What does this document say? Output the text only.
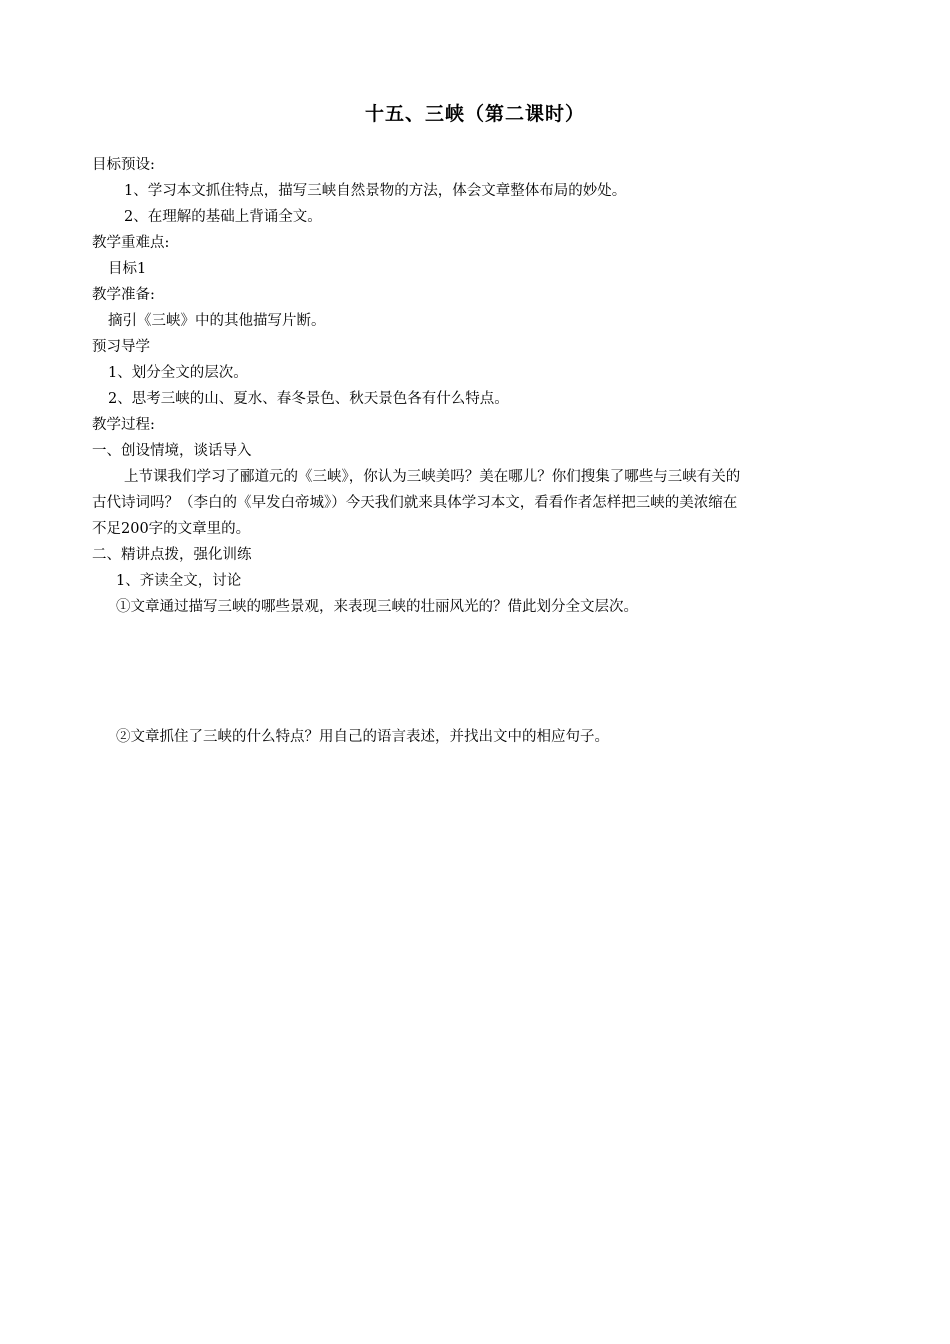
十五、三峡（第二课时）
目标预设:
1、学习本文抓住特点，描写三峡自然景物的方法，体会文章整体布局的妙处。
2、在理解的基础上背诵全文。
教学重难点:
目标1
教学准备:
摘引《三峡》中的其他描写片断。
预习导学
1、划分全文的层次。
2、思考三峡的山、夏水、春冬景色、秋天景色各有什么特点。
教学过程:
一、创设情境，谈话导入
上节课我们学习了郦道元的《三峡》，你认为三峡美吗？美在哪儿？你们搜集了哪些与三峡有关的
古代诗词吗？（李白的《早发白帝城》）今天我们就来具体学习本文，看看作者怎样把三峡的美浓缩在
不足200字的文章里的。
二、精讲点拨，强化训练
1、齐读全文，讨论
①文章通过描写三峡的哪些景观，来表现三峡的壮丽风光的？借此划分全文层次。
②文章抓住了三峡的什么特点？用自己的语言表述，并找出文中的相应句子。
